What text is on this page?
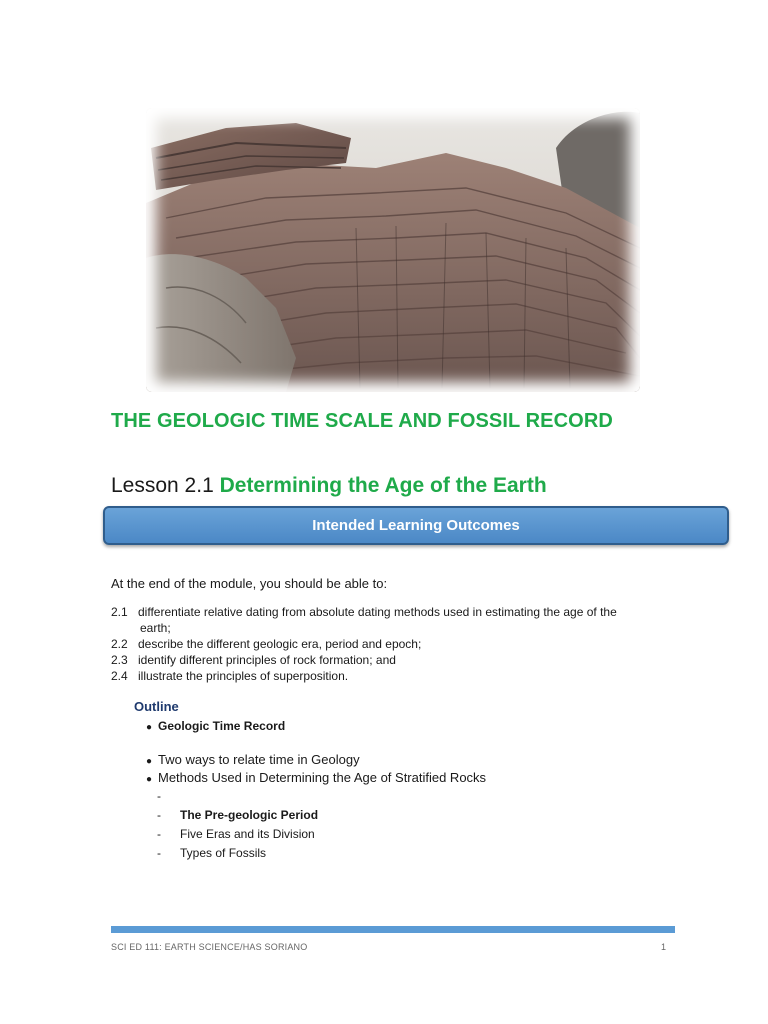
THE GEOLOGIC TIME SCALE AND FOSSIL RECORD
Lesson 2.1 Determining the Age of the Earth
Intended Learning Outcomes

At the end of the module, you should be able to:

2.1 differentiate relative dating from absolute dating methods used in estimating the age of the
earth;
2.2 describe the different geologic era, period and epoch;
2.3 identify different principles of rock formation; and
2.4 illustrate the principles of superposition.
Outline
● Geologic Time Record
● Two ways to relate time in Geology
● Methods Used in Determining the Age of Stratified Rocks
-
-	The Pre-geologic Period
-	Five Eras and its Division
-	Types of Fossils
SCI ED 111: EARTH SCIENCE/HAS SORIANO	1
